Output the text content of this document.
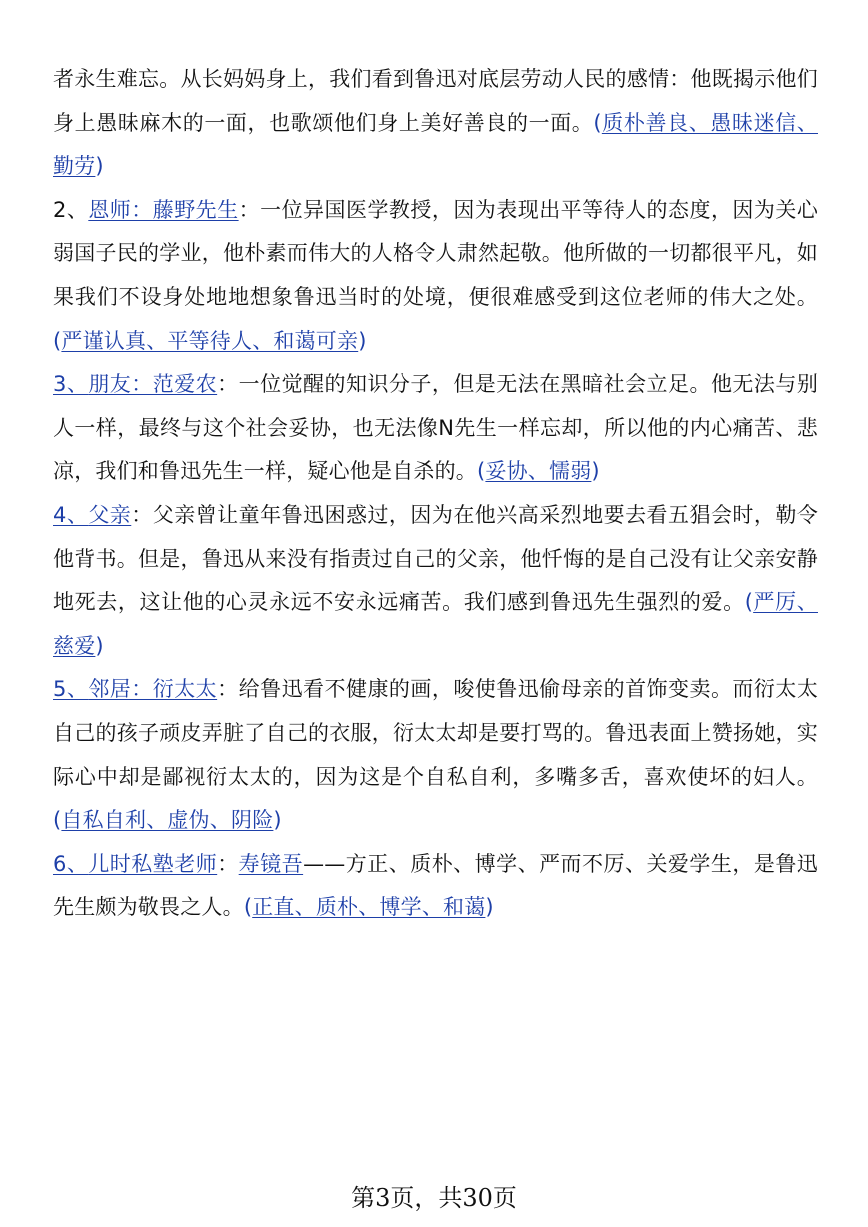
者永生难忘。从长妈妈身上，我们看到鲁迅对底层劳动人民的感情：他既揭示他们身上愚昧麻木的一面，也歌颂他们身上美好善良的一面。(质朴善良、愚昧迷信、勤劳)

2、恩师：藤野先生：一位异国医学教授，因为表现出平等待人的态度，因为关心弱国子民的学业，他朴素而伟大的人格令人肃然起敬。他所做的一切都很平凡，如果我们不设身处地地想象鲁迅当时的处境，便很难感受到这位老师的伟大之处。(严谨认真、平等待人、和蔼可亲)

3、朋友：范爱农：一位觉醒的知识分子，但是无法在黑暗社会立足。他无法与别人一样，最终与这个社会妥协，也无法像N先生一样忘却，所以他的内心痛苦、悲凉，我们和鲁迅先生一样，疑心他是自杀的。(妥协、懦弱)

4、父亲：父亲曾让童年鲁迅困惑过，因为在他兴高采烈地要去看五猖会时，勒令他背书。但是，鲁迅从来没有指责过自己的父亲，他忏悔的是自己没有让父亲安静地死去，这让他的心灵永远不安永远痛苦。我们感到鲁迅先生强烈的爱。(严厉、慈爱)

5、邻居：衍太太：给鲁迅看不健康的画，唆使鲁迅偷母亲的首饰变卖。而衍太太自己的孩子顽皮弄脏了自己的衣服，衍太太却是要打骂的。鲁迅表面上赞扬她，实际心中却是鄙视衍太太的，因为这是个自私自利，多嘴多舌，喜欢使坏的妇人。(自私自利、虚伪、阴险)

6、儿时私塾老师：寿镜吾——方正、质朴、博学、严而不厉、关爱学生，是鲁迅先生颇为敬畏之人。(正直、质朴、博学、和蔼)

第3页，共30页
